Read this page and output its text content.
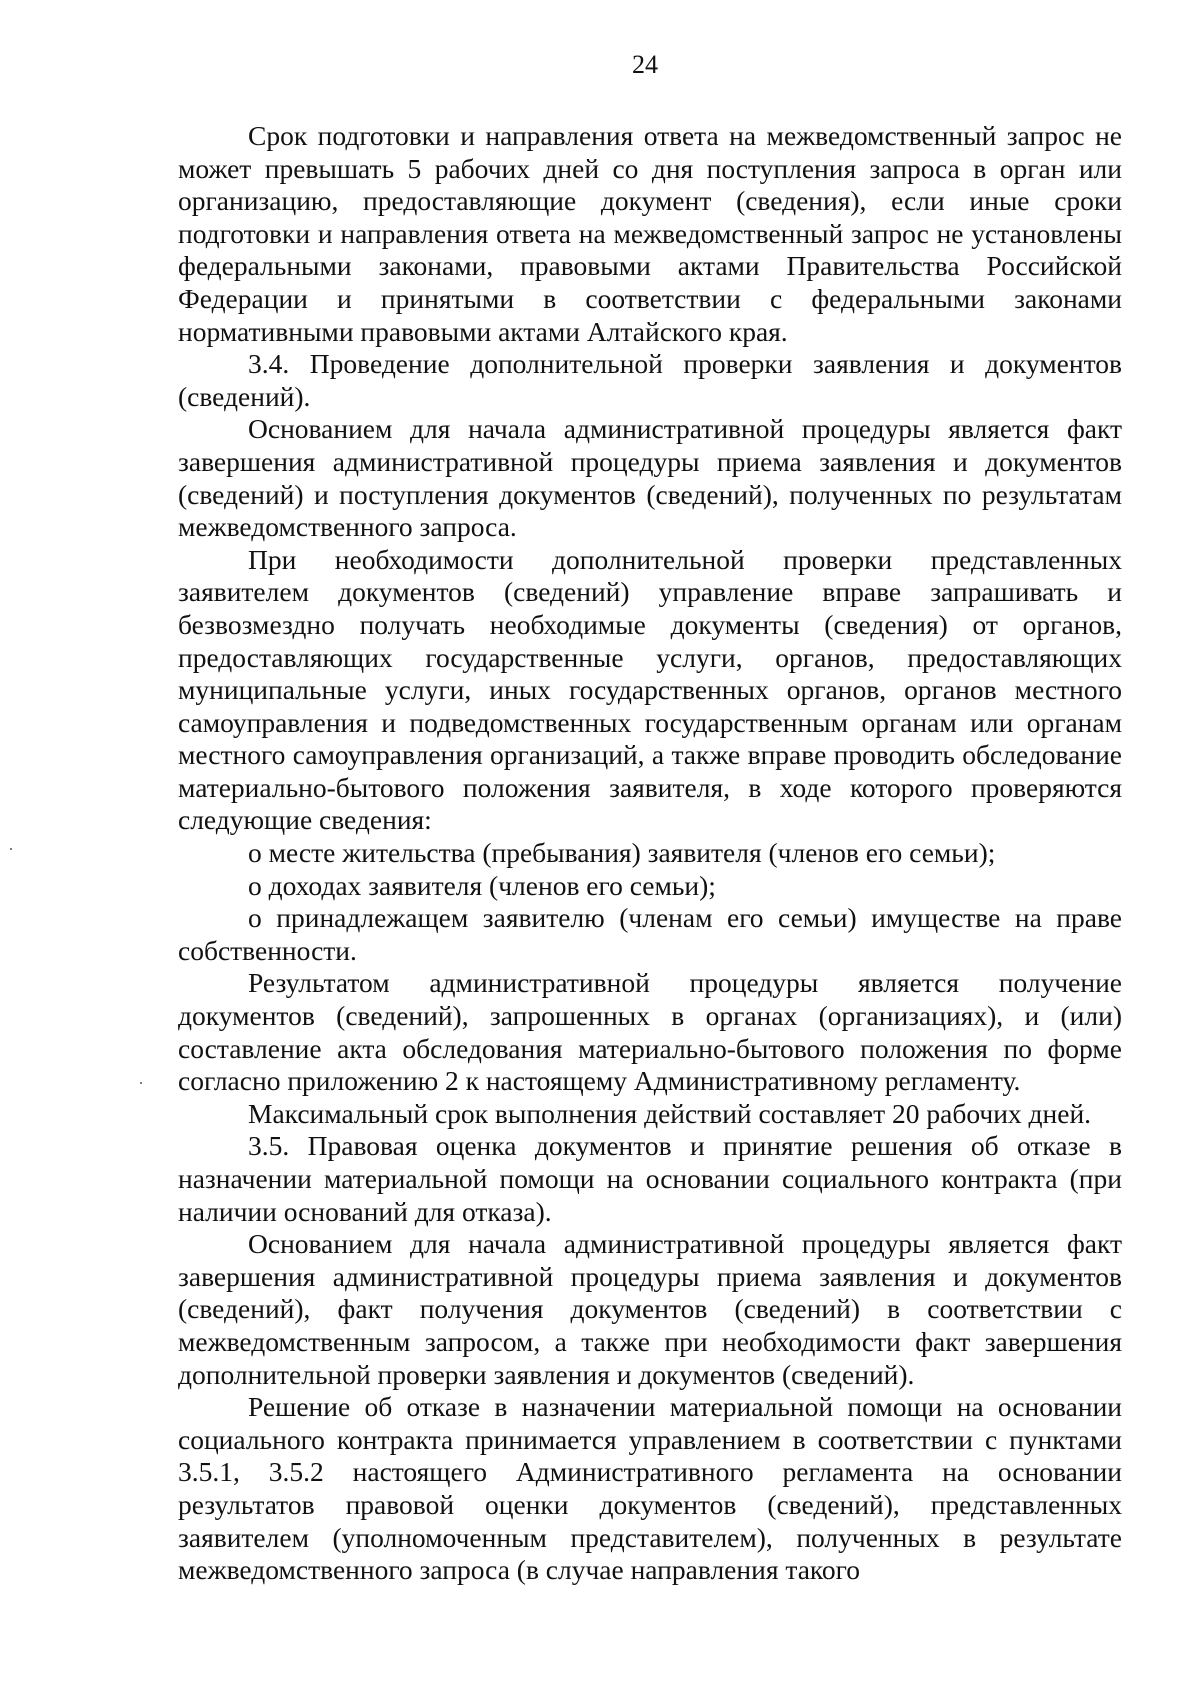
24

Срок подготовки и направления ответа на межведомственный запрос не может превышать 5 рабочих дней со дня поступления запроса в орган или организацию, предоставляющие документ (сведения), если иные сроки подготовки и направления ответа на межведомственный запрос не установлены федеральными законами, правовыми актами Правительства Российской Федерации и принятыми в соответствии с федеральными законами нормативными правовыми актами Алтайского края.

3.4. Проведение дополнительной проверки заявления и документов (сведений).

Основанием для начала административной процедуры является факт завершения административной процедуры приема заявления и документов (сведений) и поступления документов (сведений), полученных по результатам межведомственного запроса.

При необходимости дополнительной проверки представленных заявителем документов (сведений) управление вправе запрашивать и безвозмездно получать необходимые документы (сведения) от органов, предоставляющих государственные услуги, органов, предоставляющих муниципальные услуги, иных государственных органов, органов местного самоуправления и подведомственных государственным органам или органам местного самоуправления организаций, а также вправе проводить обследование материально-бытового положения заявителя, в ходе которого проверяются следующие сведения:

о месте жительства (пребывания) заявителя (членов его семьи);

о доходах заявителя (членов его семьи);

о принадлежащем заявителю (членам его семьи) имуществе на праве собственности.

Результатом административной процедуры является получение документов (сведений), запрошенных в органах (организациях), и (или) составление акта обследования материально-бытового положения по форме согласно приложению 2 к настоящему Административному регламенту.

Максимальный срок выполнения действий составляет 20 рабочих дней.

3.5. Правовая оценка документов и принятие решения об отказе в назначении материальной помощи на основании социального контракта (при наличии оснований для отказа).

Основанием для начала административной процедуры является факт завершения административной процедуры приема заявления и документов (сведений), факт получения документов (сведений) в соответствии с межведомственным запросом, а также при необходимости факт завершения дополнительной проверки заявления и документов (сведений).

Решение об отказе в назначении материальной помощи на основании социального контракта принимается управлением в соответствии с пунктами 3.5.1, 3.5.2 настоящего Административного регламента на основании результатов правовой оценки документов (сведений), представленных заявителем (уполномоченным представителем), полученных в результате межведомственного запроса (в случае направления такого
